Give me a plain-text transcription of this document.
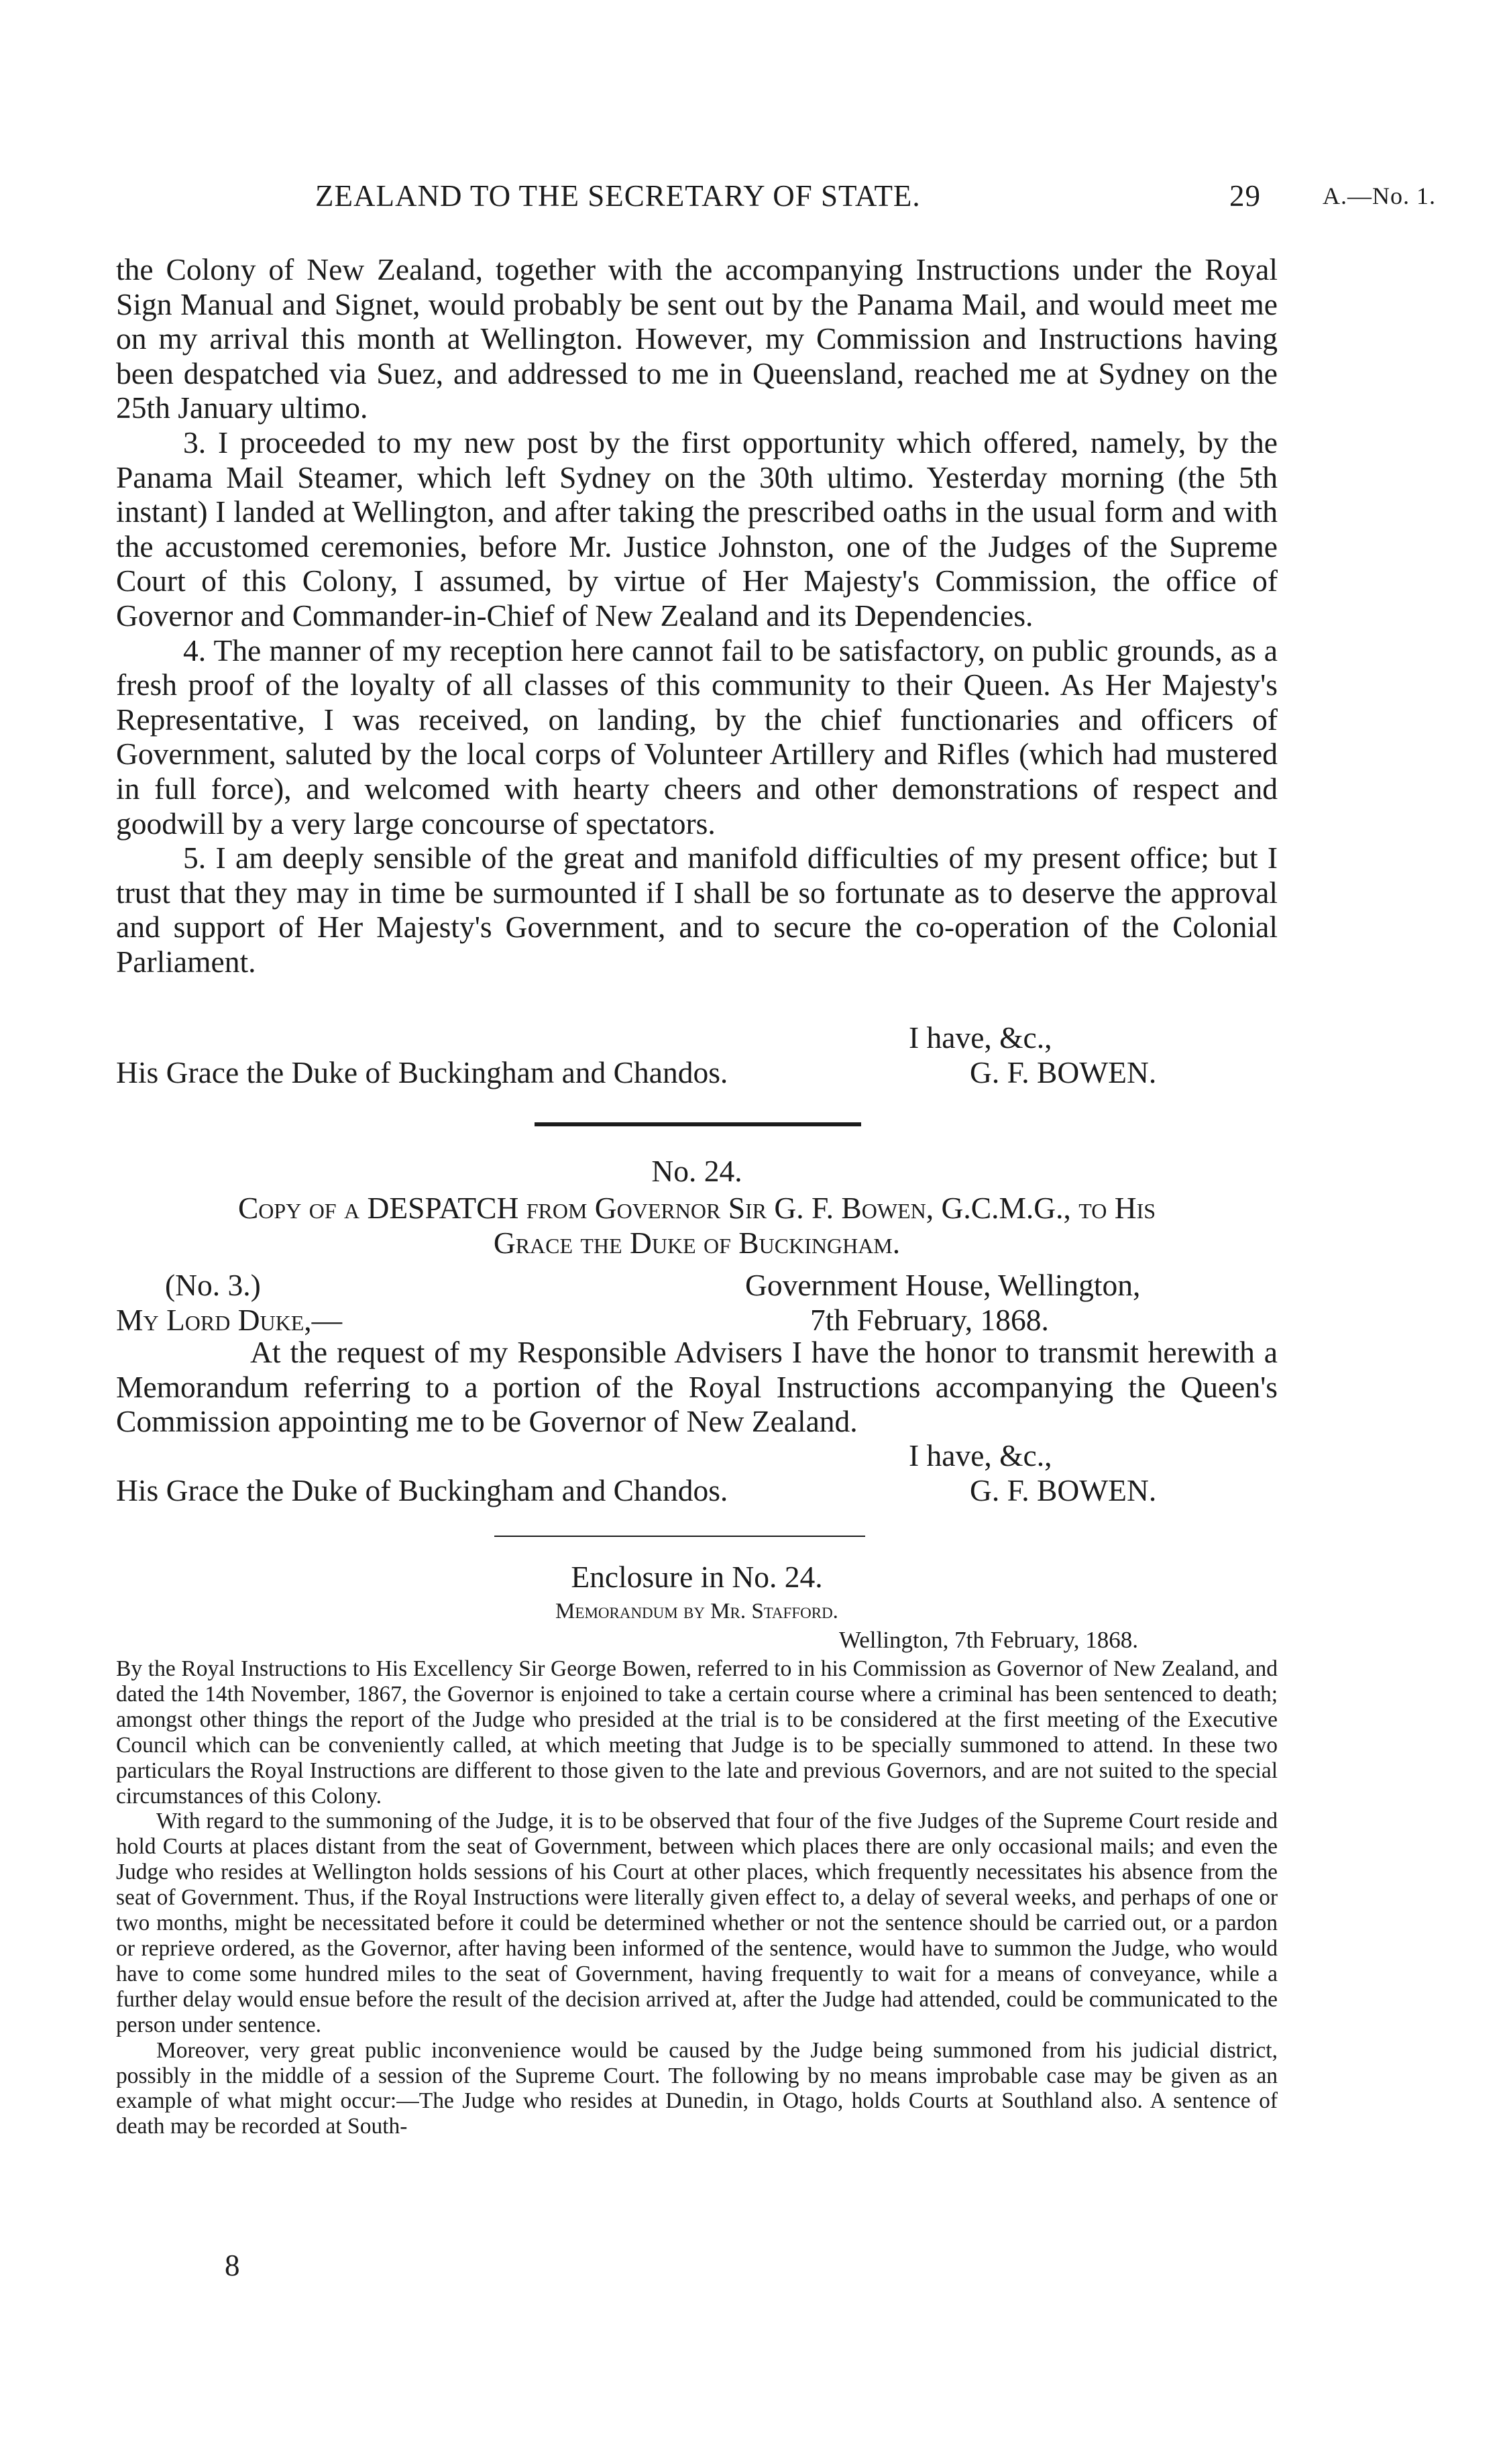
ZEALAND TO THE SECRETARY OF STATE.	29	A.—No. 1.

the Colony of New Zealand, together with the accompanying Instructions under the Royal Sign Manual and Signet, would probably be sent out by the Panama Mail, and would meet me on my arrival this month at Wellington. However, my Commission and Instructions having been despatched via Suez, and addressed to me in Queensland, reached me at Sydney on the 25th January ultimo.

3. I proceeded to my new post by the first opportunity which offered, namely, by the Panama Mail Steamer, which left Sydney on the 30th ultimo. Yesterday morning (the 5th instant) I landed at Wellington, and after taking the prescribed oaths in the usual form and with the accustomed ceremonies, before Mr. Justice Johnston, one of the Judges of the Supreme Court of this Colony, I assumed, by virtue of Her Majesty's Commission, the office of Governor and Commander-in-Chief of New Zealand and its Dependencies.

4. The manner of my reception here cannot fail to be satisfactory, on public grounds, as a fresh proof of the loyalty of all classes of this community to their Queen. As Her Majesty's Representative, I was received, on landing, by the chief functionaries and officers of Government, saluted by the local corps of Volunteer Artillery and Rifles (which had mustered in full force), and welcomed with hearty cheers and other demonstrations of respect and goodwill by a very large concourse of spectators.

5. I am deeply sensible of the great and manifold difficulties of my present office; but I trust that they may in time be surmounted if I shall be so fortunate as to deserve the approval and support of Her Majesty's Government, and to secure the co-operation of the Colonial Parliament.

I have, &c.,
His Grace the Duke of Buckingham and Chandos.	G. F. BOWEN.
No. 24.
Copy of a DESPATCH from Governor Sir G. F. Bowen, G.C.M.G., to His
Grace the Duke of Buckingham.
(No. 3.)	Government House, Wellington,
My Lord Duke,—	7th February, 1868.

At the request of my Responsible Advisers I have the honor to transmit herewith a Memorandum referring to a portion of the Royal Instructions accompanying the Queen's Commission appointing me to be Governor of New Zealand.

I have, &c.,
His Grace the Duke of Buckingham and Chandos.	G. F. BOWEN.
Enclosure in No. 24.
Memorandum by Mr. Stafford.
Wellington, 7th February, 1868.

By the Royal Instructions to His Excellency Sir George Bowen, referred to in his Commission as Governor of New Zealand, and dated the 14th November, 1867, the Governor is enjoined to take a certain course where a criminal has been sentenced to death; amongst other things the report of the Judge who presided at the trial is to be considered at the first meeting of the Executive Council which can be conveniently called, at which meeting that Judge is to be specially summoned to attend. In these two particulars the Royal Instructions are different to those given to the late and previous Governors, and are not suited to the special circumstances of this Colony.

With regard to the summoning of the Judge, it is to be observed that four of the five Judges of the Supreme Court reside and hold Courts at places distant from the seat of Government, between which places there are only occasional mails; and even the Judge who resides at Wellington holds sessions of his Court at other places, which frequently necessitates his absence from the seat of Government. Thus, if the Royal Instructions were literally given effect to, a delay of several weeks, and perhaps of one or two months, might be necessitated before it could be determined whether or not the sentence should be carried out, or a pardon or reprieve ordered, as the Governor, after having been informed of the sentence, would have to summon the Judge, who would have to come some hundred miles to the seat of Government, having frequently to wait for a means of conveyance, while a further delay would ensue before the result of the decision arrived at, after the Judge had attended, could be communicated to the person under sentence.

Moreover, very great public inconvenience would be caused by the Judge being summoned from his judicial district, possibly in the middle of a session of the Supreme Court. The following by no means improbable case may be given as an example of what might occur:—The Judge who resides at Dunedin, in Otago, holds Courts at Southland also. A sentence of death may be recorded at South-

8
